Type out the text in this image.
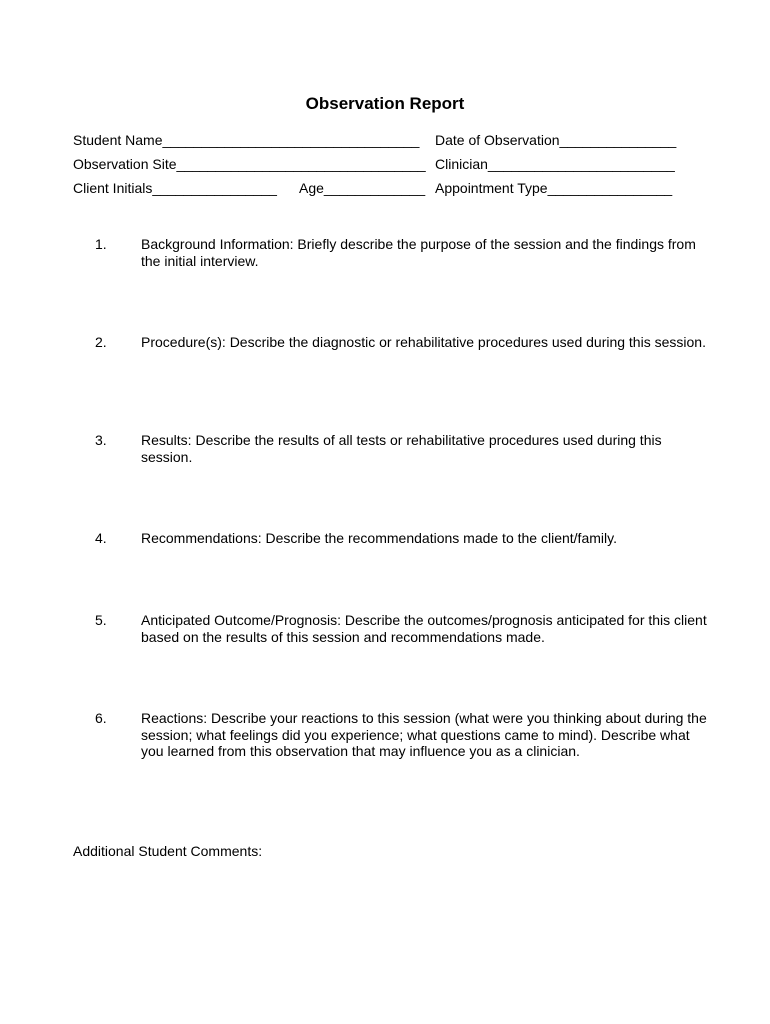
Observation Report
Student Name_________________________________ Date of Observation_______________
Observation Site________________________________ Clinician________________________
Client Initials________________ Age_____________ Appointment Type________________
1. Background Information: Briefly describe the purpose of the session and the findings from the initial interview.
2. Procedure(s): Describe the diagnostic or rehabilitative procedures used during this session.
3. Results: Describe the results of all tests or rehabilitative procedures used during this session.
4. Recommendations: Describe the recommendations made to the client/family.
5. Anticipated Outcome/Prognosis: Describe the outcomes/prognosis anticipated for this client based on the results of this session and recommendations made.
6. Reactions: Describe your reactions to this session (what were you thinking about during the session; what feelings did you experience; what questions came to mind). Describe what you learned from this observation that may influence you as a clinician.
Additional Student Comments:
